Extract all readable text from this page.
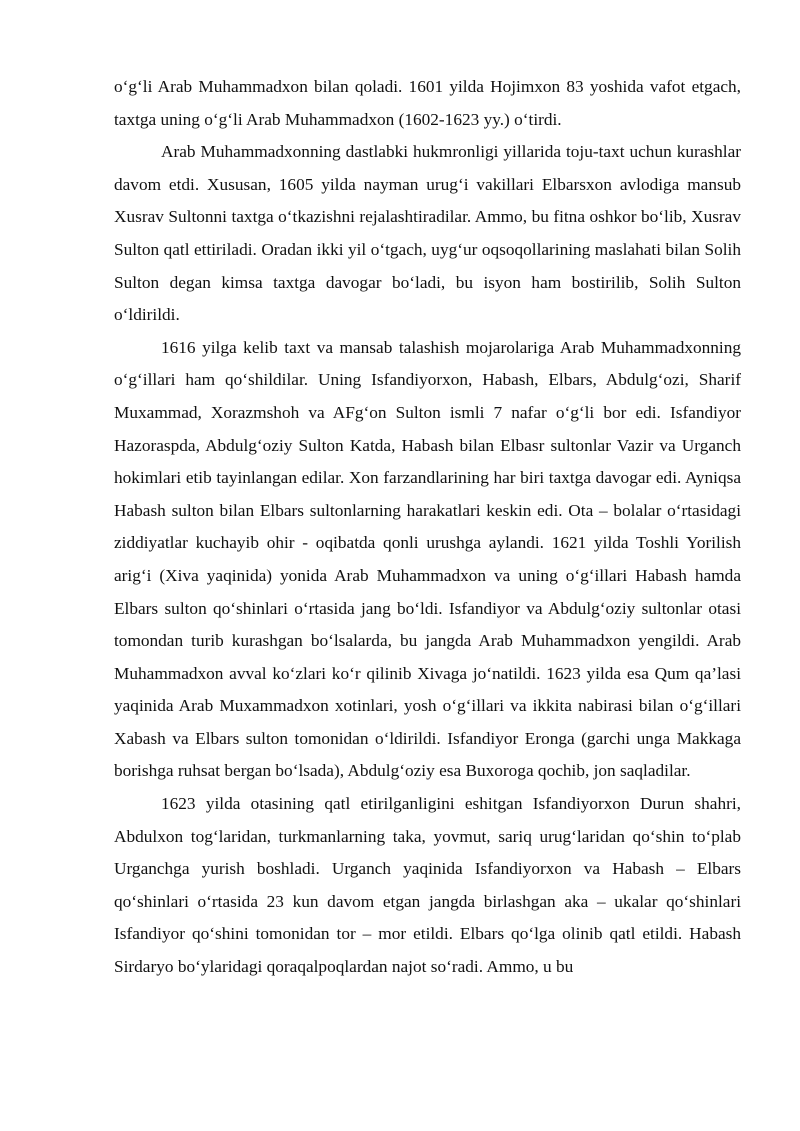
o‘g‘li Arab Muhammadxon bilan qoladi. 1601 yilda Hojimxon 83 yoshida vafot etgach, taxtga uning o‘g‘li Arab Muhammadxon (1602-1623 yy.) o‘tirdi.

Arab Muhammadxonning dastlabki hukmronligi yillarida toju-taxt uchun kurashlar davom etdi. Xususan, 1605 yilda nayman urug‘i vakillari Elbarsxon avlodiga mansub Xusrav Sultonni taxtga o‘tkazishni rejalashtiradilar. Ammo, bu fitna oshkor bo‘lib, Xusrav Sulton qatl ettiriladi. Oradan ikki yil o‘tgach, uyg‘ur oqsoqollarining maslahati bilan Solih Sulton degan kimsa taxtga davogar bo‘ladi, bu isyon ham bostirilib, Solih Sulton o‘ldirildi.

1616 yilga kelib taxt va mansab talashish mojarolariga Arab Muhammadxonning o‘g‘illari ham qo‘shildilar. Uning Isfandiyorxon, Habash, Elbars, Abdulg‘ozi, Sharif Muxammad, Xorazmshoh va AFg‘on Sulton ismli 7 nafar o‘g‘li bor edi. Isfandiyor Hazoraspda, Abdulg‘oziy Sulton Katda, Habash bilan Elbasr sultonlar Vazir va Urganch hokimlari etib tayinlangan edilar. Xon farzandlarining har biri taxtga davogar edi. Ayniqsa Habash sulton bilan Elbars sultonlarning harakatlari keskin edi. Ota – bolalar o‘rtasidagi ziddiyatlar kuchayib ohir - oqibatda qonli urushga aylandi. 1621 yilda Toshli Yorilish arig‘i (Xiva yaqinida) yonida Arab Muhammadxon va uning o‘g‘illari Habash hamda Elbars sulton qo‘shinlari o‘rtasida jang bo‘ldi. Isfandiyor va Abdulg‘oziy sultonlar otasi tomondan turib kurashgan bo‘lsalarda, bu jangda Arab Muhammadxon yengildi. Arab Muhammadxon avval ko‘zlari ko‘r qilinib Xivaga jo‘natildi. 1623 yilda esa Qum qa’lasi yaqinida Arab Muxammadxon xotinlari, yosh o‘g‘illari va ikkita nabirasi bilan o‘g‘illari Xabash va Elbars sulton tomonidan o‘ldirildi. Isfandiyor Eronga (garchi unga Makkaga borishga ruhsat bergan bo‘lsada), Abdulg‘oziy esa Buxoroga qochib, jon saqladilar.

1623 yilda otasining qatl etirilganligini eshitgan Isfandiyorxon Durun shahri, Abdulxon tog‘laridan, turkmanlarning taka, yovmut, sariq urug‘laridan qo‘shin to‘plab Urganchga yurish boshladi. Urganch yaqinida Isfandiyorxon va Habash – Elbars qo‘shinlari o‘rtasida 23 kun davom etgan jangda birlashgan aka – ukalar qo‘shinlari Isfandiyor qo‘shini tomonidan tor – mor etildi. Elbars qo‘lga olinib qatl etildi. Habash Sirdaryo bo‘ylaridagi qoraqalpoqlardan najot so‘radi. Ammo, u bu
